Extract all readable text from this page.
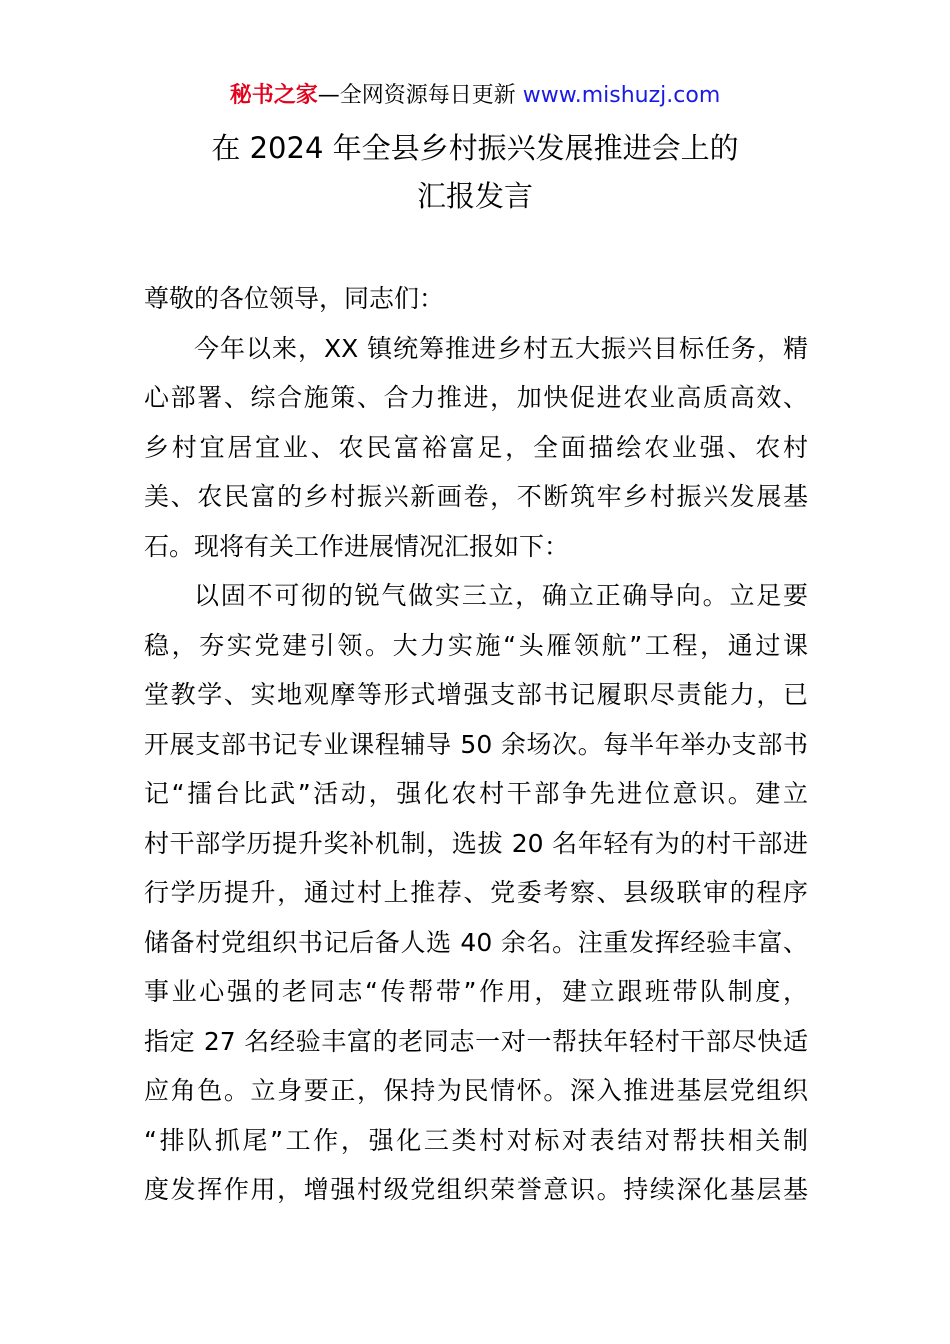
秘书之家—全网资源每日更新 www.mishuzj.com
在 2024 年全县乡村振兴发展推进会上的
汇报发言
尊敬的各位领导，同志们：
今年以来，XX 镇统筹推进乡村五大振兴目标任务，精
心部署、综合施策、合力推进，加快促进农业高质高效、
乡村宜居宜业、农民富裕富足，全面描绘农业强、农村
美、农民富的乡村振兴新画卷，不断筑牢乡村振兴发展基
石。现将有关工作进展情况汇报如下：
以固不可彻的锐气做实三立，确立正确导向。立足要
稳，夯实党建引领。大力实施“头雁领航”工程，通过课
堂教学、实地观摩等形式增强支部书记履职尽责能力，已
开展支部书记专业课程辅导 50 余场次。每半年举办支部书
记“擂台比武”活动，强化农村干部争先进位意识。建立
村干部学历提升奖补机制，选拔 20 名年轻有为的村干部进
行学历提升，通过村上推荐、党委考察、县级联审的程序
储备村党组织书记后备人选 40 余名。注重发挥经验丰富、
事业心强的老同志“传帮带”作用，建立跟班带队制度，
指定 27 名经验丰富的老同志一对一帮扶年轻村干部尽快适
应角色。立身要正，保持为民情怀。深入推进基层党组织
“排队抓尾”工作，强化三类村对标对表结对帮扶相关制
度发挥作用，增强村级党组织荣誉意识。持续深化基层基
